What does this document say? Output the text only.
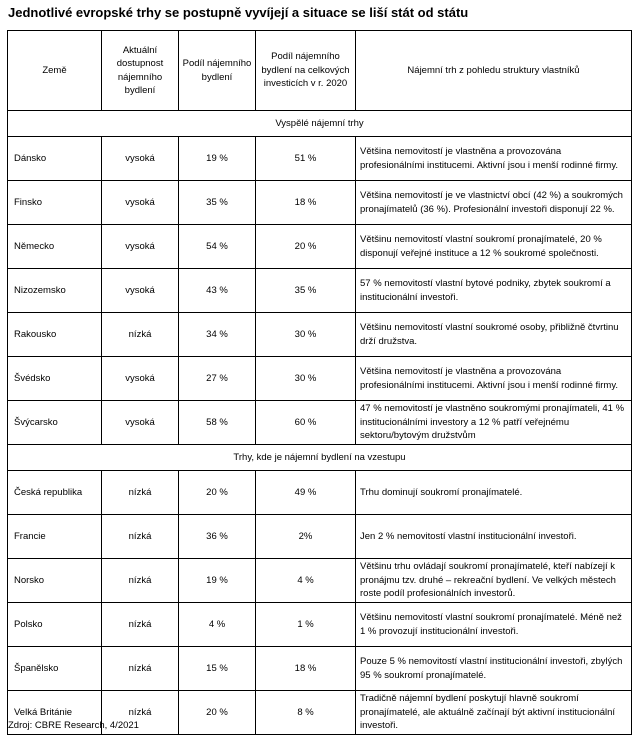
Jednotlivé evropské trhy se postupně vyvíjejí a situace se liší stát od státu
Země	Aktuální dostupnost nájemního bydlení	Podíl nájemního bydlení	Podíl nájemního bydlení na celkových investicích v r. 2020	Nájemní trh z pohledu struktury vlastníků
Vyspělé nájemní trhy				
Dánsko	vysoká	19 %	51 %	Většina nemovitostí je vlastněna a provozována profesionálními institucemi. Aktivní jsou i menší rodinné firmy.
Finsko	vysoká	35 %	18 %	Většina nemovitostí je ve vlastnictví obcí (42 %) a soukromých pronajímatelů (36 %). Profesionální investoři disponují 22 %.
Německo	vysoká	54 %	20 %	Většinu nemovitostí vlastní soukromí pronajímatelé, 20 % disponují veřejné instituce a 12 % soukromé společnosti.
Nizozemsko	vysoká	43 %	35 %	57 % nemovitostí vlastní bytové podniky, zbytek soukromí a institucionální investoři.
Rakousko	nízká	34 %	30 %	Většinu nemovitostí vlastní soukromé osoby, přibližně čtvrtinu drží družstva.
Švédsko	vysoká	27 %	30 %	Většina nemovitostí je vlastněna a provozována profesionálními institucemi. Aktivní jsou i menší rodinné firmy.
Švýcarsko	vysoká	58 %	60 %	47 % nemovitostí je vlastněno soukromými pronajímateli, 41 % institucionálními investory a 12 % patří veřejnému sektoru/bytovým družstvům
Trhy, kde je nájemní bydlení na vzestupu				
Česká republika	nízká	20 %	49 %	Trhu dominují soukromí pronajímatelé.
Francie	nízká	36 %	2%	Jen 2 % nemovitostí vlastní institucionální investoři.
Norsko	nízká	19 %	4 %	Většinu trhu ovládají soukromí pronajímatelé, kteří nabízejí k pronájmu tzv. druhé – rekreační bydlení. Ve velkých městech roste podíl profesionálních investorů.
Polsko	nízká	4 %	1 %	Většinu nemovitostí vlastní soukromí pronajímatelé. Méně než 1 % provozují institucionální investoři.
Španělsko	nízká	15 %	18 %	Pouze 5 % nemovitostí vlastní institucionální investoři, zbylých 95 % soukromí pronajímatelé.
Velká Británie	nízká	20 %	8 %	Tradičně nájemní bydlení poskytují hlavně soukromí pronajímatelé, ale aktuálně začínají být aktivní institucionální investoři.
Zdroj: CBRE Research, 4/2021
